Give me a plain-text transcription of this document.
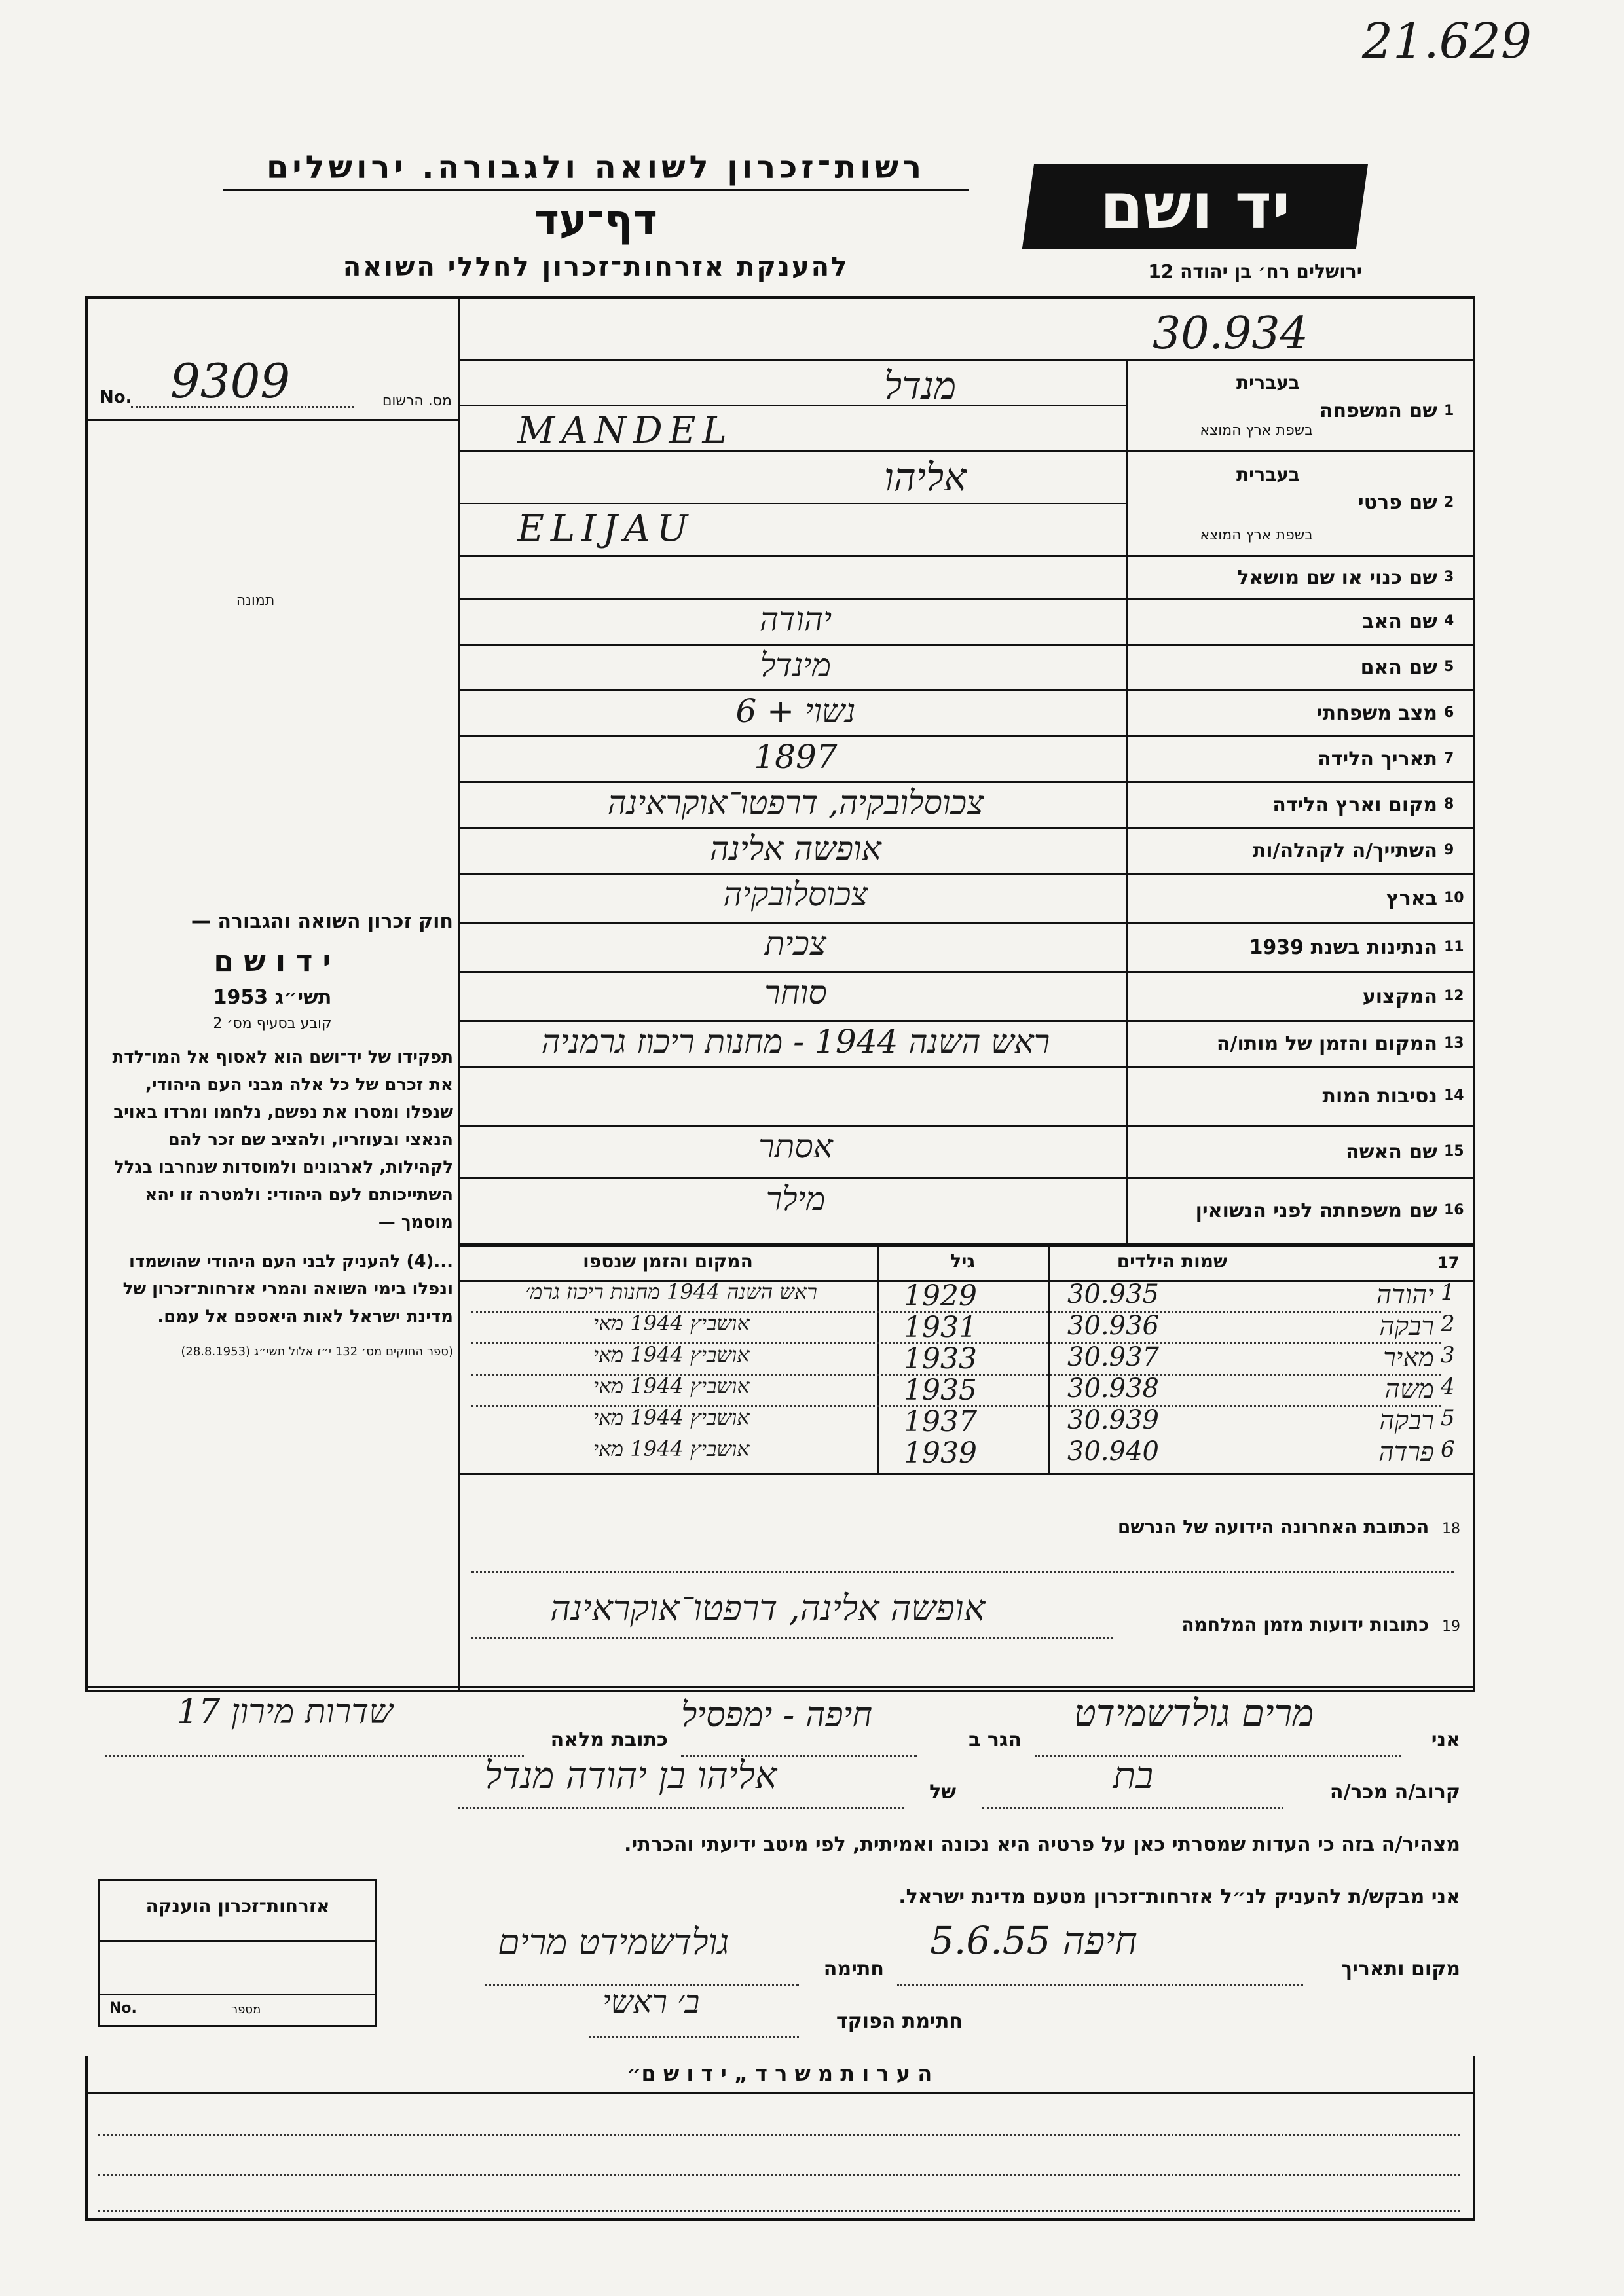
21.629
יד ושם
ירושלים רח׳ בן יהודה 12
רשות־זכרון לשואה ולגבורה. ירושלים
דף־עד
להענקת אזרחות־זכרון לחללי השואה
30.934
No. 9309	מס. הרשום
תמונה
חוק זכרון השואה והגבורה —
י ד ו ש ם
תשי״ג 1953
קובע בסעיף מס׳ 2
תפקידו של יד־ושם הוא לאסוף אל המו־לדת את זכרם של כל אלה מבני העם היהודי, שנפלו ומסרו את נפשם, נלחמו ומרדו באויב הנאצי ובעוזריו, ולהציב שם זכר להם לקהילות, לארגונים ולמוסדות שנחרבו בגלל השתייכותם לעם היהודי: ולמטרה זו יהא מוסמך —
...(4) להעניק לבני העם היהודי שהושמדו ונפלו בימי השואה והמרי אזרחות־זכרון של מדינת ישראל לאות היאספם אל עמם.
(ספר החוקים מס׳ 132 י״ז אלול תשי״ג (28.8.1953)
1
שם המשפחה
בעברית
בשפת ארץ המוצא
מנדל
MANDEL
2
שם פרטי
בעברית
בשפת ארץ המוצא
אליהו
ELIJAU
3
שם כנוי או שם מושאל
4
שם האב
יהודה
5
שם האם
מינדל
6
מצב משפחתי
נשוי + 6
7
תאריך הלידה
1897
8
מקום וארץ הלידה
צכוסלובקיה, דרפטו־אוקראינה
9
השתייך/ה לקהלה/ות
אופשה אלינה
10
בארץ
צכוסלובקיה
11
הנתינות בשנת 1939
צכית
12
המקצוע
סוחר
13
המקום והזמן של מותו/ה
ראש השנה 1944 - מחנות ריכוז גרמניה
14
נסיבות המות
15
שם האשה
אסתר
16
שם משפחתה לפני הנשואין
מילר
17
שמות הילדים
גיל
המקום והזמן שנספו
1
יהודה
30.935
1929
ראש השנה 1944 מחנות ריכוז גרמ׳
2
רבקה
30.936
1931
אושביץ 1944 מאי
3
מאיר
30.937
1933
אושביץ 1944 מאי
4
משה
30.938
1935
אושביץ 1944 מאי
5
רבקה
30.939
1937
אושביץ 1944 מאי
6
פרדה
30.940
1939
אושביץ 1944 מאי
18 הכתובת האחרונה הידועה של הנרשם
אופשה אלינה, דרפטו־אוקראינה	19 כתובות ידועות מזמן המלחמה
אני
מרים גולדשמידט
הגר ב
חיפה - ימפסיל
כתובת מלאה
שדרות מירון 17
קרוב/ה מכר/ה
בת
של
אליהו בן יהודה מנדל
מצהיר/ה בזה כי העדות שמסרתי כאן על פרטיה היא נכונה ואמיתית, לפי מיטב ידיעתי והכרתי.
אני מבקש/ת להעניק לנ״ל אזרחות־זכרון מטעם מדינת ישראל.
מקום ותאריך
חיפה 5.6.55
חתימה
גולדשמידט מרים
חתימת הפוקד
ב׳ ראשי
אזרחות־זכרון הוענקה
No.	מספר
ה ע ר ו ת מ ש ר ד „ י ד ו ש ם״
